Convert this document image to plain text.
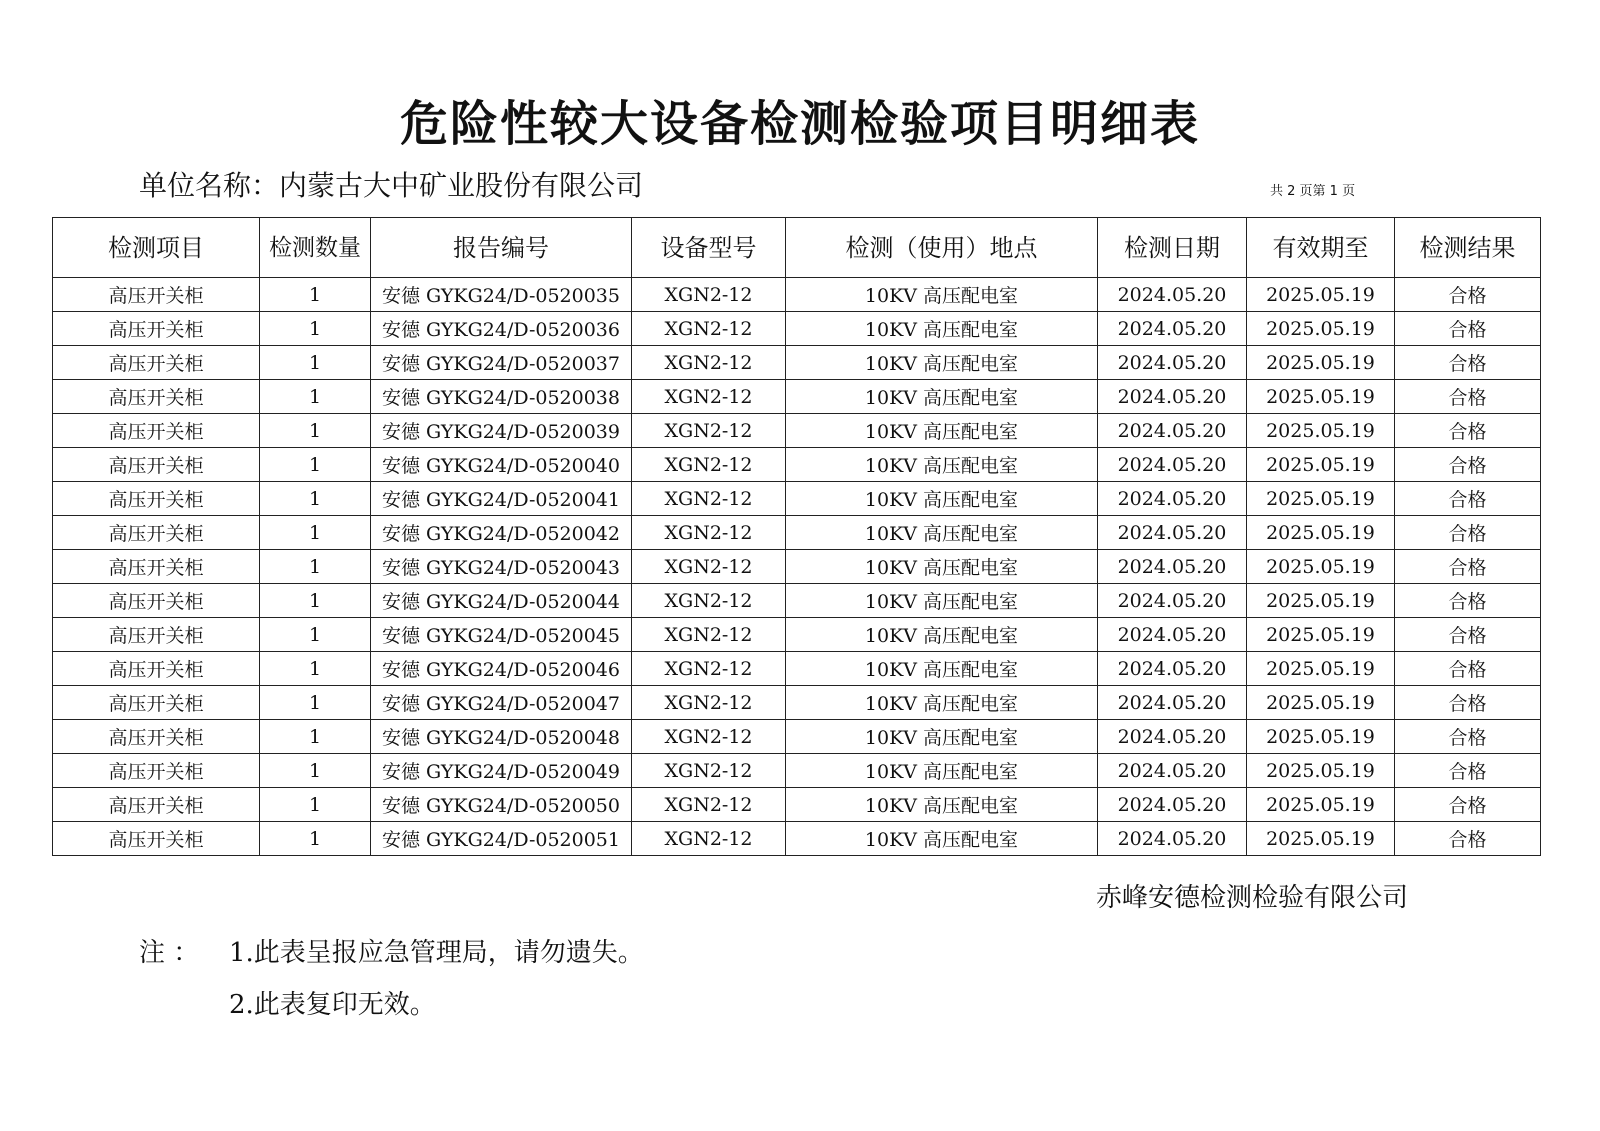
危险性较大设备检测检验项目明细表
单位名称：内蒙古大中矿业股份有限公司	共 2 页第 1 页
检测项目	检测数量	报告编号	设备型号	检测（使用）地点	检测日期	有效期至	检测结果
高压开关柜	1	安德 GYKG24/D-0520035	XGN2-12	10KV 高压配电室	2024.05.20	2025.05.19	合格
高压开关柜	1	安德 GYKG24/D-0520036	XGN2-12	10KV 高压配电室	2024.05.20	2025.05.19	合格
高压开关柜	1	安德 GYKG24/D-0520037	XGN2-12	10KV 高压配电室	2024.05.20	2025.05.19	合格
高压开关柜	1	安德 GYKG24/D-0520038	XGN2-12	10KV 高压配电室	2024.05.20	2025.05.19	合格
高压开关柜	1	安德 GYKG24/D-0520039	XGN2-12	10KV 高压配电室	2024.05.20	2025.05.19	合格
高压开关柜	1	安德 GYKG24/D-0520040	XGN2-12	10KV 高压配电室	2024.05.20	2025.05.19	合格
高压开关柜	1	安德 GYKG24/D-0520041	XGN2-12	10KV 高压配电室	2024.05.20	2025.05.19	合格
高压开关柜	1	安德 GYKG24/D-0520042	XGN2-12	10KV 高压配电室	2024.05.20	2025.05.19	合格
高压开关柜	1	安德 GYKG24/D-0520043	XGN2-12	10KV 高压配电室	2024.05.20	2025.05.19	合格
高压开关柜	1	安德 GYKG24/D-0520044	XGN2-12	10KV 高压配电室	2024.05.20	2025.05.19	合格
高压开关柜	1	安德 GYKG24/D-0520045	XGN2-12	10KV 高压配电室	2024.05.20	2025.05.19	合格
高压开关柜	1	安德 GYKG24/D-0520046	XGN2-12	10KV 高压配电室	2024.05.20	2025.05.19	合格
高压开关柜	1	安德 GYKG24/D-0520047	XGN2-12	10KV 高压配电室	2024.05.20	2025.05.19	合格
高压开关柜	1	安德 GYKG24/D-0520048	XGN2-12	10KV 高压配电室	2024.05.20	2025.05.19	合格
高压开关柜	1	安德 GYKG24/D-0520049	XGN2-12	10KV 高压配电室	2024.05.20	2025.05.19	合格
高压开关柜	1	安德 GYKG24/D-0520050	XGN2-12	10KV 高压配电室	2024.05.20	2025.05.19	合格
高压开关柜	1	安德 GYKG24/D-0520051	XGN2-12	10KV 高压配电室	2024.05.20	2025.05.19	合格
赤峰安德检测检验有限公司
注 ：	1.此表呈报应急管理局，请勿遗失。
2.此表复印无效。
